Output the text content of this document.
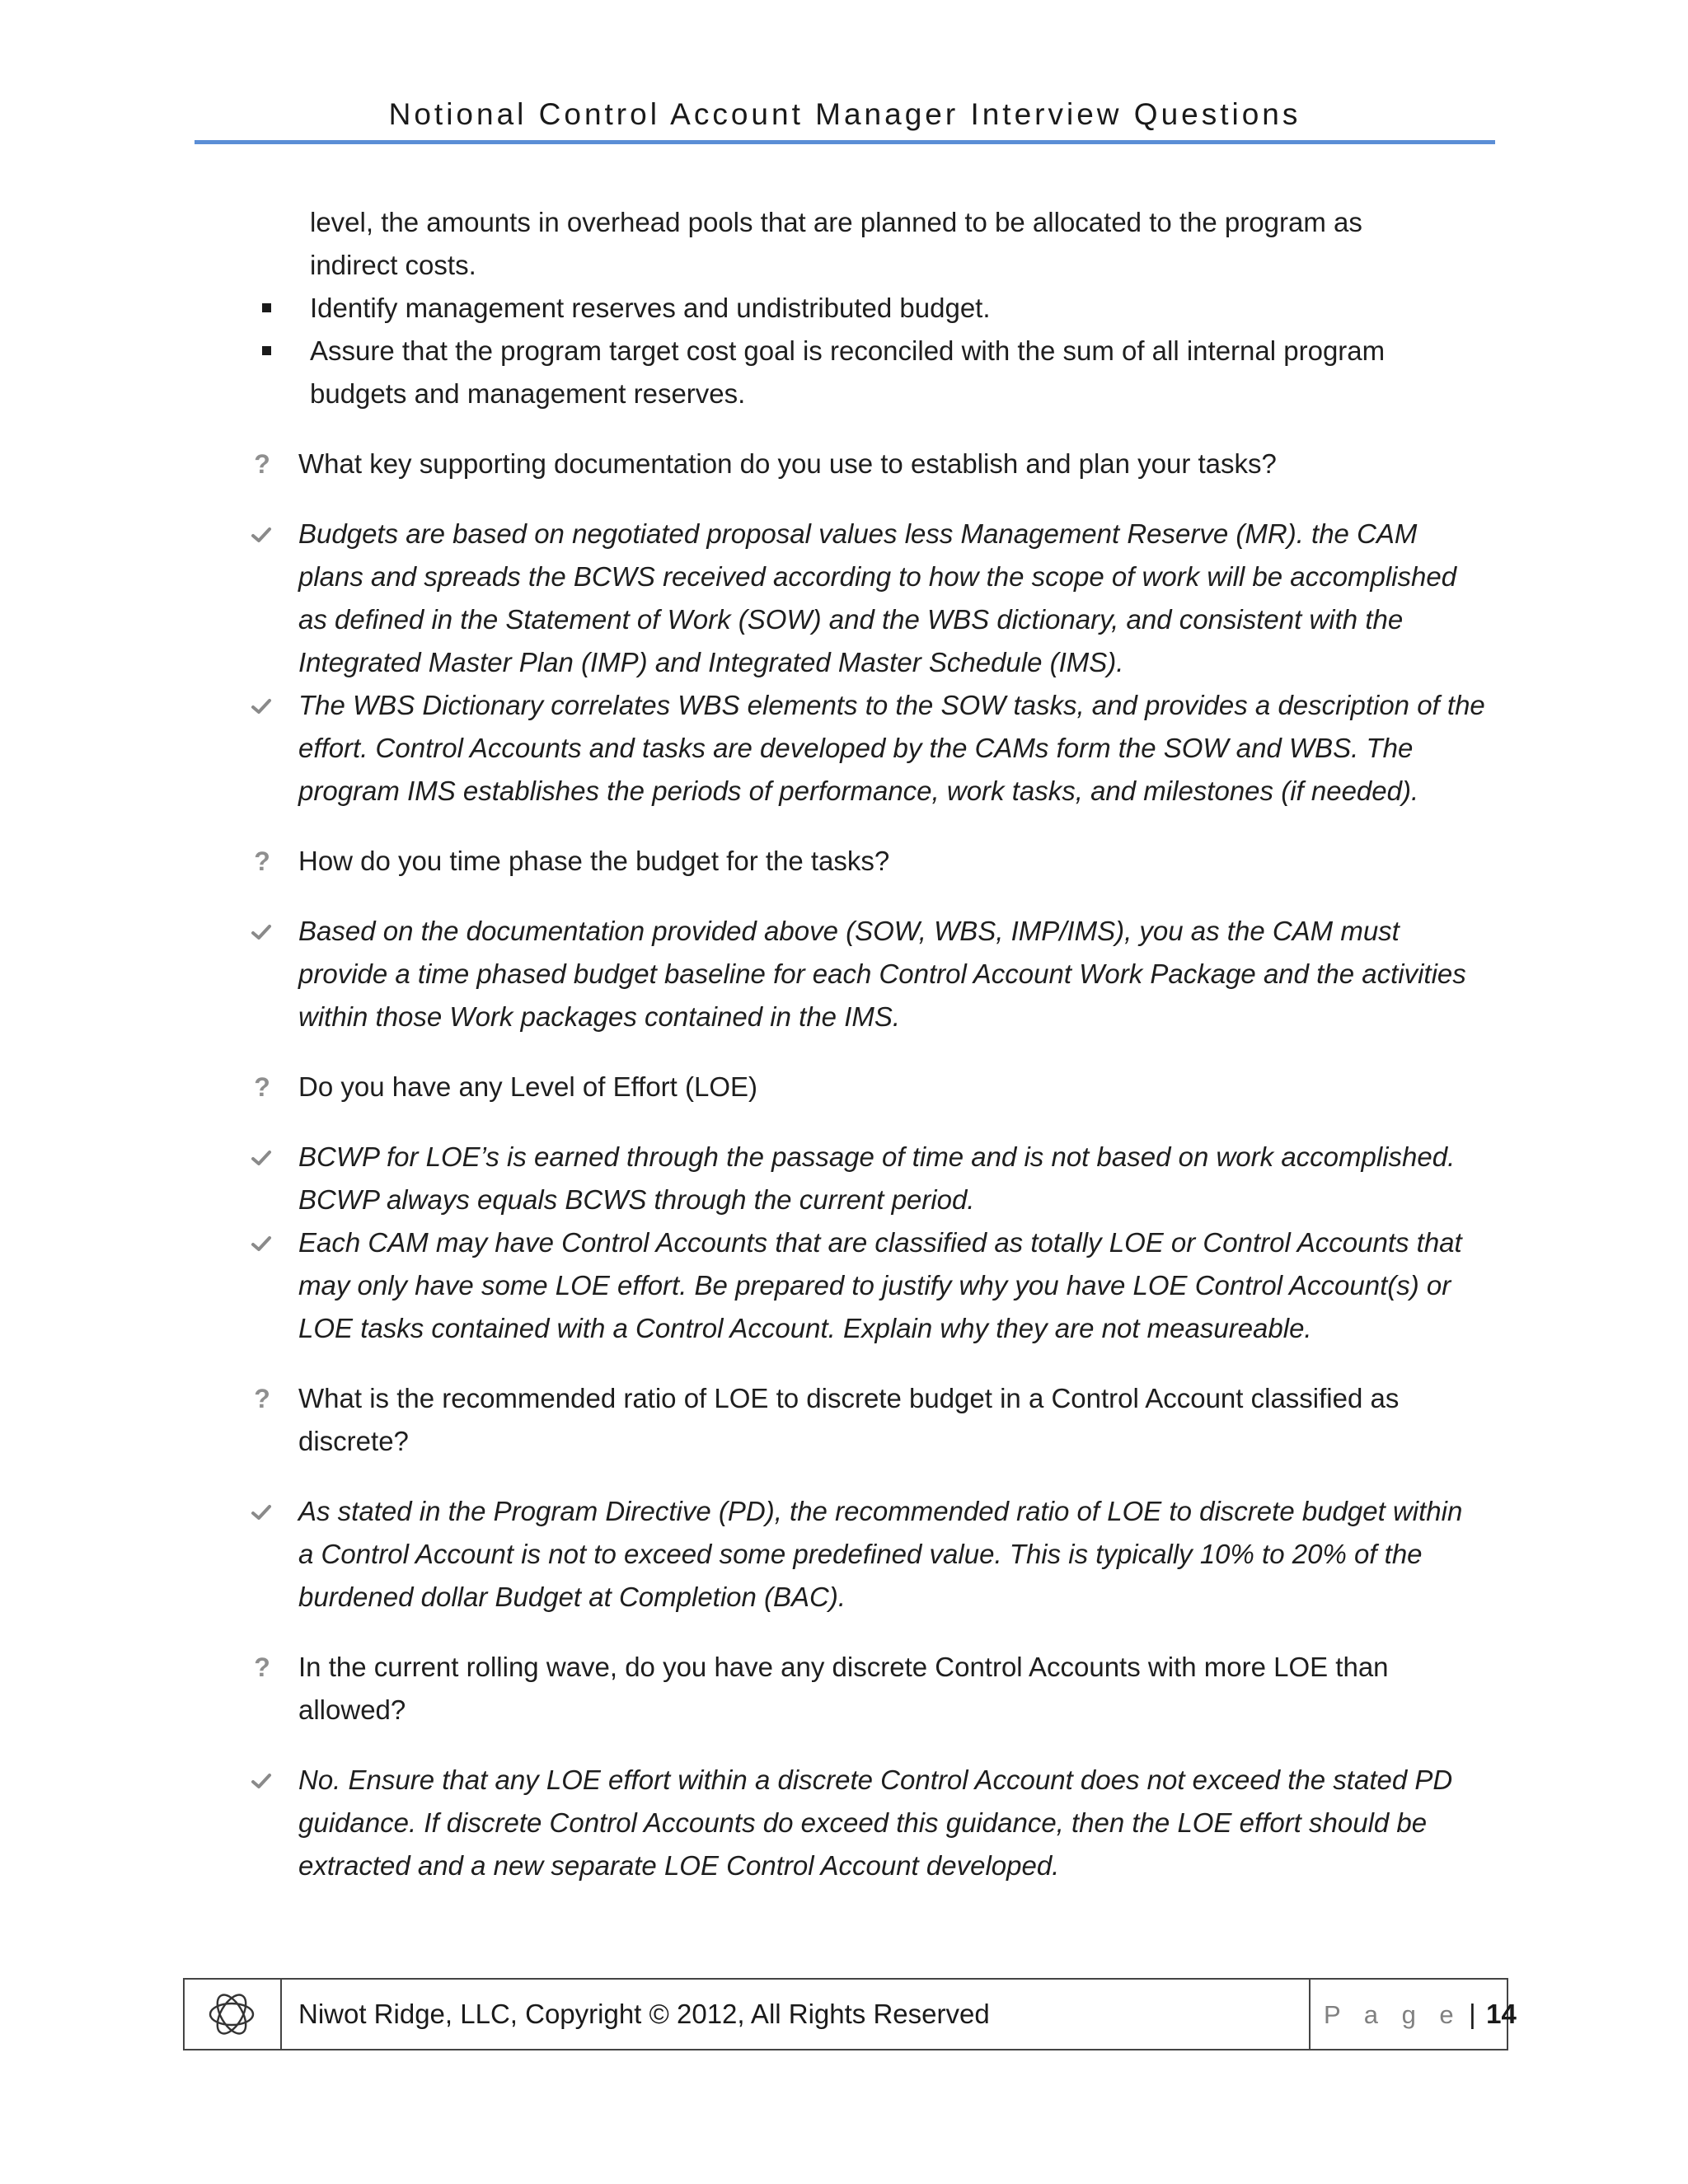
Notional Control Account Manager Interview Questions
level, the amounts in overhead pools that are planned to be allocated to the program as
indirect costs.
Identify management reserves and undistributed budget.
Assure that the program target cost goal is reconciled with the sum of all internal program
budgets and management reserves.
?	What key supporting documentation do you use to establish and plan your tasks?
Budgets are based on negotiated proposal values less Management Reserve (MR). the CAM
plans and spreads the BCWS received according to how the scope of work will be accomplished
as defined in the Statement of Work (SOW) and the WBS dictionary, and consistent with the
Integrated Master Plan (IMP) and Integrated Master Schedule (IMS).
The WBS Dictionary correlates WBS elements to the SOW tasks, and provides a description of the
effort. Control Accounts and tasks are developed by the CAMs form the SOW and WBS. The
program IMS establishes the periods of performance, work tasks, and milestones (if needed).
?	How do you time phase the budget for the tasks?
Based on the documentation provided above (SOW, WBS, IMP/IMS), you as the CAM must
provide a time phased budget baseline for each Control Account Work Package and the activities
within those Work packages contained in the IMS.
?	Do you have any Level of Effort (LOE)
BCWP for LOE’s is earned through the passage of time and is not based on work accomplished.
BCWP always equals BCWS through the current period.
Each CAM may have Control Accounts that are classified as totally LOE or Control Accounts that
may only have some LOE effort. Be prepared to justify why you have LOE Control Account(s) or
LOE tasks contained with a Control Account. Explain why they are not measureable.
?	What is the recommended ratio of LOE to discrete budget in a Control Account classified as
discrete?
As stated in the Program Directive (PD), the recommended ratio of LOE to discrete budget within
a Control Account is not to exceed some predefined value. This is typically 10% to 20% of the
burdened dollar Budget at Completion (BAC).
?	In the current rolling wave, do you have any discrete Control Accounts with more LOE than
allowed?
No. Ensure that any LOE effort within a discrete Control Account does not exceed the stated PD
guidance. If discrete Control Accounts do exceed this guidance, then the LOE effort should be
extracted and a new separate LOE Control Account developed.
Niwot Ridge, LLC, Copyright © 2012, All Rights Reserved	P a g e | 14
